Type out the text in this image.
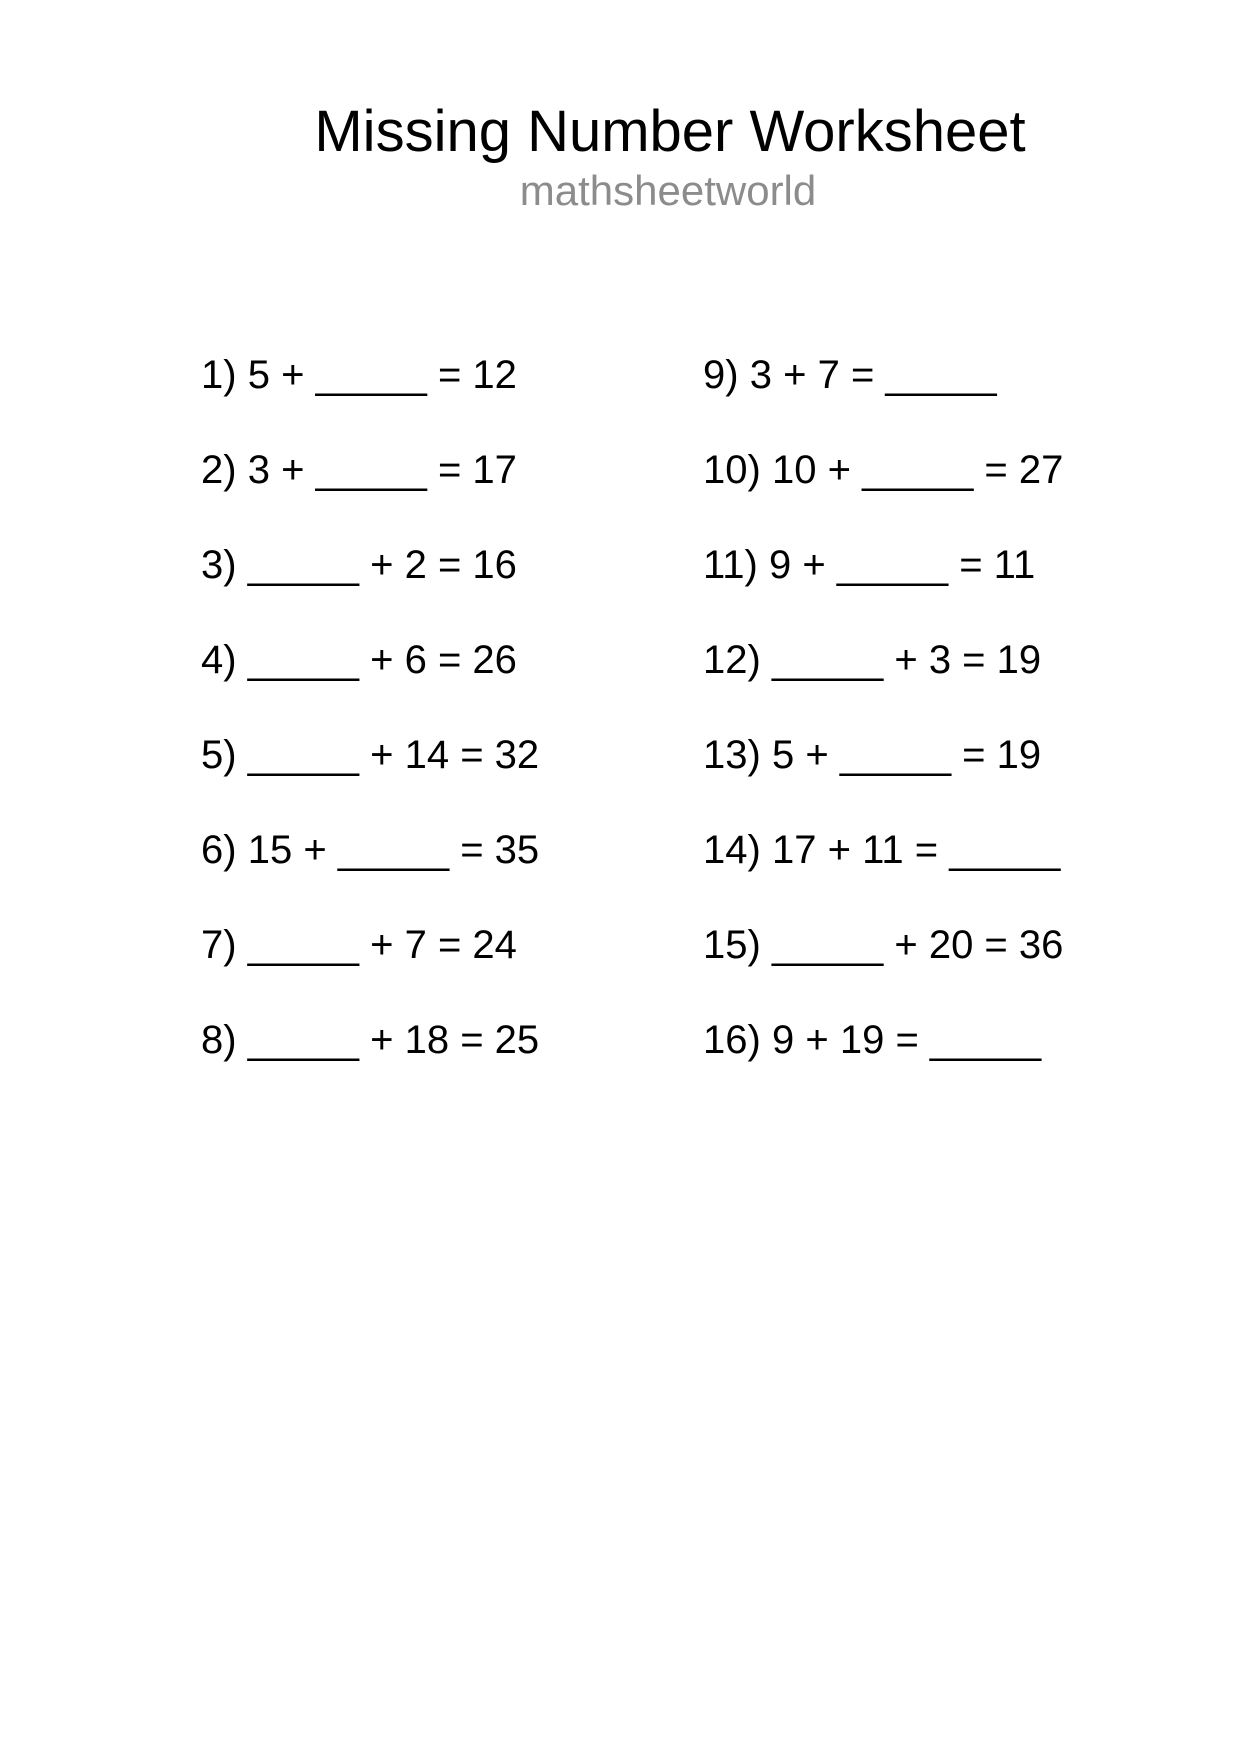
Missing Number Worksheet

mathsheetworld

1) 5 + _____ = 12
2) 3 + _____ = 17
3) _____ + 2 = 16
4) _____ + 6 = 26
5) _____ + 14 = 32
6) 15 + _____ = 35
7) _____ + 7 = 24
8) _____ + 18 = 25
9) 3 + 7 = _____
10) 10 + _____ = 27
11) 9 + _____ = 11
12) _____ + 3 = 19
13) 5 + _____ = 19
14) 17 + 11 = _____
15) _____ + 20 = 36
16) 9 + 19 = _____
